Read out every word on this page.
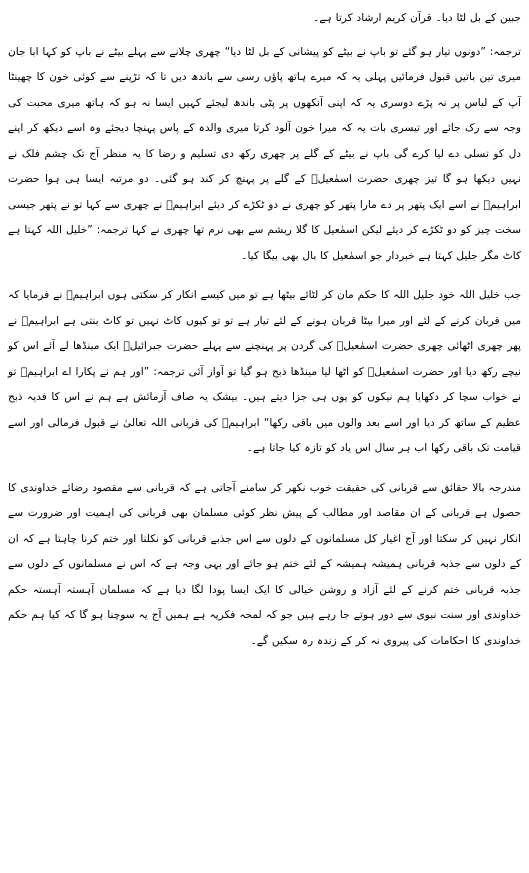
جبین کے بل لٹا دیا۔ قرآن کریم ارشاد کرتا ہے۔

ترجمہ: ”دونوں تیار ہو گئے تو باپ نے بیٹے کو پیشانی کے بل لٹا دیا“ چھری چلانے سے پہلے بیٹے نے باپ کو کہا ابا جان میری تین باتیں قبول فرمائیں پہلی یہ کہ میرے ہاتھ پاؤں رسی سے باندھ دیں تا کہ تڑپنے سے کوئی خون کا چھینٹا آپ کے لباس پر نہ پڑے دوسری یہ کہ اپنی آنکھوں پر پٹی باندھ لیجئے کہیں ایسا نہ ہو کہ ہاتھ میری محبت کی وجہ سے رک جائے اور تیسری بات یہ کہ میرا خون آلود کرتا میری والدہ کے پاس پہنچا دیجئے وہ اسے دیکھ کر اپنے دل کو تسلی دے لیا کرے گی باپ نے بیٹے کے گلے پر چھری رکھ دی تسلیم و رضا کا یہ منظر آج تک چشم فلک نے نہیں دیکھا ہو گا تیز چھری حضرت اسمٰعیلؑ کے گلے پر پہنچ کر کند ہو گئی۔ دو مرتبہ ایسا ہی ہوا حضرت ابراہیمؑ نے اسے ایک پتھر پر دے مارا پتھر کو چھری نے دو ٹکڑے کر دیئے ابراہیمؑ نے چھری سے کہا تو نے پتھر جیسی سخت چیز کو دو ٹکڑے کر دیئے لیکن اسمٰعیل کا گلا ریشم سے بھی نرم تھا چھری نے کہا ترجمہ: ”خلیل اللہ کہتا ہے کاٹ مگر جلیل کہتا ہے خبردار جو اسمٰعیل کا بال بھی بیگا کیا۔

جب خلیل اللہ خود جلیل اللہ کا حکم مان کر لٹائے بیٹھا ہے تو میں کیسے انکار کر سکتی ہوں ابراہیمؑ نے فرمایا کہ میں قربان کرنے کے لئے اور میرا بیٹا قربان ہونے کے لئے تیار ہے تو تو کیوں کاٹ نہیں تو کاٹ بنتی ہے ابراہیمؑ نے پھر چھری اٹھائی چھری حضرت اسمٰعیلؑ کی گردن پر پہنچنے سے پہلے حضرت جبرائیلؑ ایک مینڈھا لے آئے اس کو نیچے رکھ دیا اور حضرت اسمٰعیلؑ کو اٹھا لیا مینڈھا ذبح ہو گیا تو آواز آئی ترجمہ: ”اور ہم نے پکارا اے ابراہیمؑ تو نے خواب سچا کر دکھایا ہم نیکوں کو یوں ہی جزا دیتے ہیں۔ بیشک یہ صاف آزمائش ہے ہم نے اس کا فدیہ ذبح عظیم کے ساتھ کر دیا اور اسے بعد والوں میں باقی رکھا“ ابراہیمؑ کی قربانی اللہ تعالیٰ نے قبول فرمالی اور اسے قیامت تک باقی رکھا اب ہر سال اس یاد کو تازہ کیا جاتا ہے۔

مندرجہ بالا حقائق سے قربانی کی حقیقت خوب نکھر کر سامنے آجاتی ہے کہ قربانی سے مقصود رضائے خداوندی کا حصول ہے قربانی کے ان مقاصد اور مطالب کے پیش نظر کوئی مسلمان بھی قربانی کی اہمیت اور ضرورت سے انکار نہیں کر سکتا اور آج اغیار کل مسلمانوں کے دلوں سے اس جذبے قربانی کو نکلنا اور ختم کرنا چاہتا ہے کہ ان کے دلوں سے جذبہ قربانی ہمیشہ ہمیشہ کے لئے ختم ہو جائے اور یہی وجہ ہے کہ اس نے مسلمانوں کے دلوں سے جذبہ قربانی ختم کرنے کے لئے آزاد و روشن خیالی کا ایک ایسا پودا لگا دیا ہے کہ مسلمان آہستہ آہستہ حکم خداوندی اور سنت نبوی سے دور ہوتے جا رہے ہیں جو کہ لمحہ فکریہ ہے ہمیں آج یہ سوچنا ہو گا کہ کیا ہم حکم خداوندی کا احکامات کی پیروی نہ کر کے زندہ رہ سکیں گے۔
